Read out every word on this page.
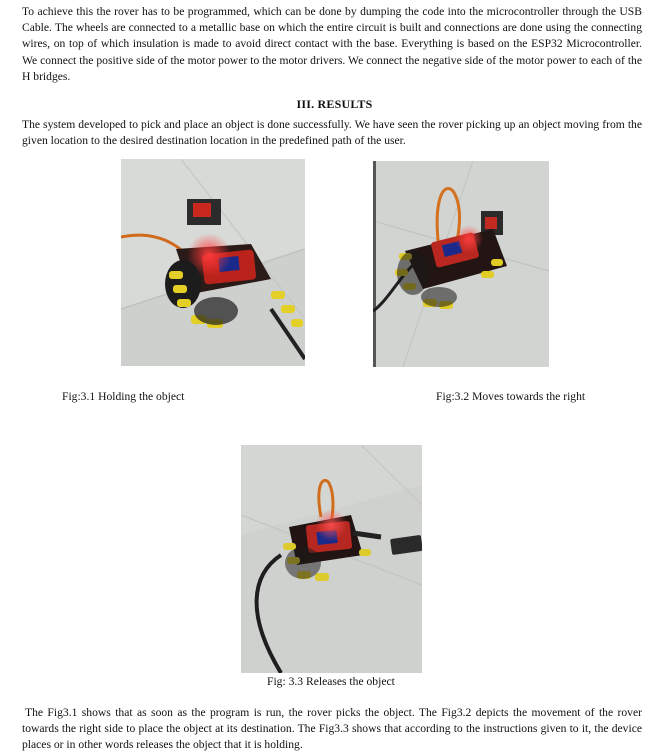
To achieve this the rover has to be programmed, which can be done by dumping the code into the microcontroller through the USB Cable. The wheels are connected to a metallic base on which the entire circuit is built and connections are done using the connecting wires, on top of which insulation is made to avoid direct contact with the base. Everything is based on the ESP32 Microcontroller. We connect the positive side of the motor power to the motor drivers. We connect the negative side of the motor power to each of the H bridges.

III. RESULTS

The system developed to pick and place an object is done successfully. We have seen the rover picking up an object moving from the given location to the desired destination location in the predefined path of the user.

Fig:3.1 Holding the object	Fig:3.2 Moves towards the right
Fig: 3.3 Releases the object

The Fig3.1 shows that as soon as the program is run, the rover picks the object. The Fig3.2 depicts the movement of the rover towards the right side to place the object at its destination. The Fig3.3 shows that according to the instructions given to it, the device places or in other words releases the object that it is holding.
